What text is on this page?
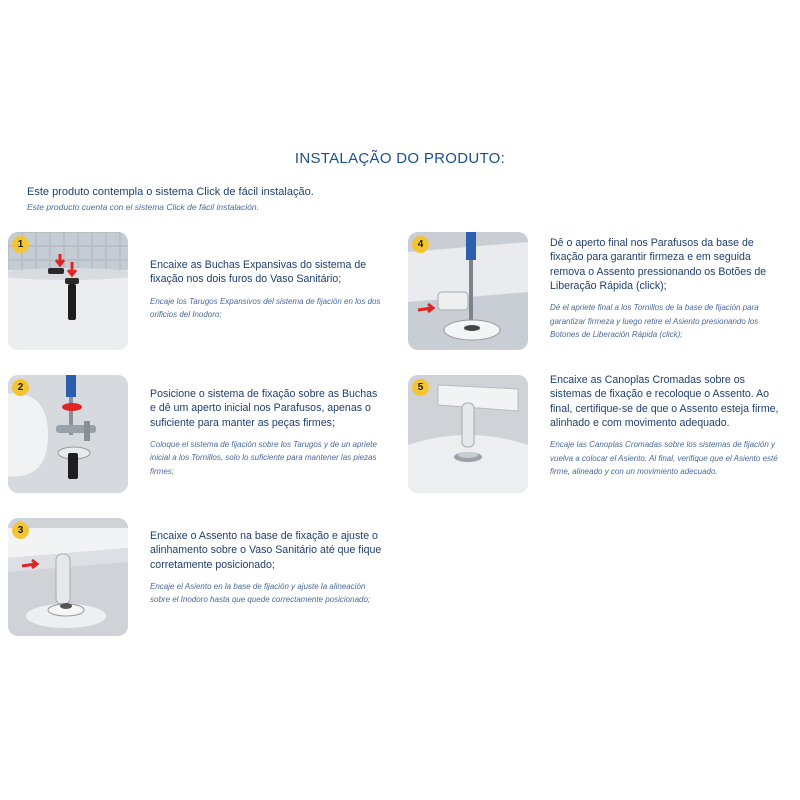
INSTALAÇÃO DO PRODUTO:
Este produto contempla o sistema Click de fácil instalação.
Este producto cuenta con el sistema Click de fácil instalación.
1

Encaixe as Buchas Expansivas do sistema de fixação nos dois furos do Vaso Sanitário;

Encaje los Tarugos Expansivos del sistema de fijación en los dos orificios del Inodoro;

2

Posicione o sistema de fixação sobre as Buchas e dê um aperto inicial nos Parafusos, apenas o suficiente para manter as peças firmes;

Coloque el sistema de fijación sobre los Tarugos y de un apriete inicial a los Tornillos, solo lo suficiente para mantener las piezas firmes;

3	Encaixe o Assento na base de fixação e ajuste o alinhamento sobre o Vaso Sanitário até que fique corretamente posicionado;

Encaje el Asiento en la base de fijación y ajuste la alineación sobre el Inodoro hasta que quede correctamente posicionado;

4	Dê o aperto final nos Parafusos da base de fixação para garantir firmeza e em seguida remova o Assento pressionando os Botões de Liberação Rápida (click);

Dé el apriete final a los Tornillos de la base de fijación para garantizar firmeza y luego retire el Asiento presionando los Botones de Liberación Rápida (click);

5

Encaixe as Canoplas Cromadas sobre os sistemas de fixação e recoloque o Assento. Ao final, certifique-se de que o Assento esteja firme, alinhado e com movimento adequado.

Encaje las Canoplas Cromadas sobre los sistemas de fijación y vuelva a colocar el Asiento. Al final, verifique que el Asiento esté firme, alineado y con un movimiento adecuado.
